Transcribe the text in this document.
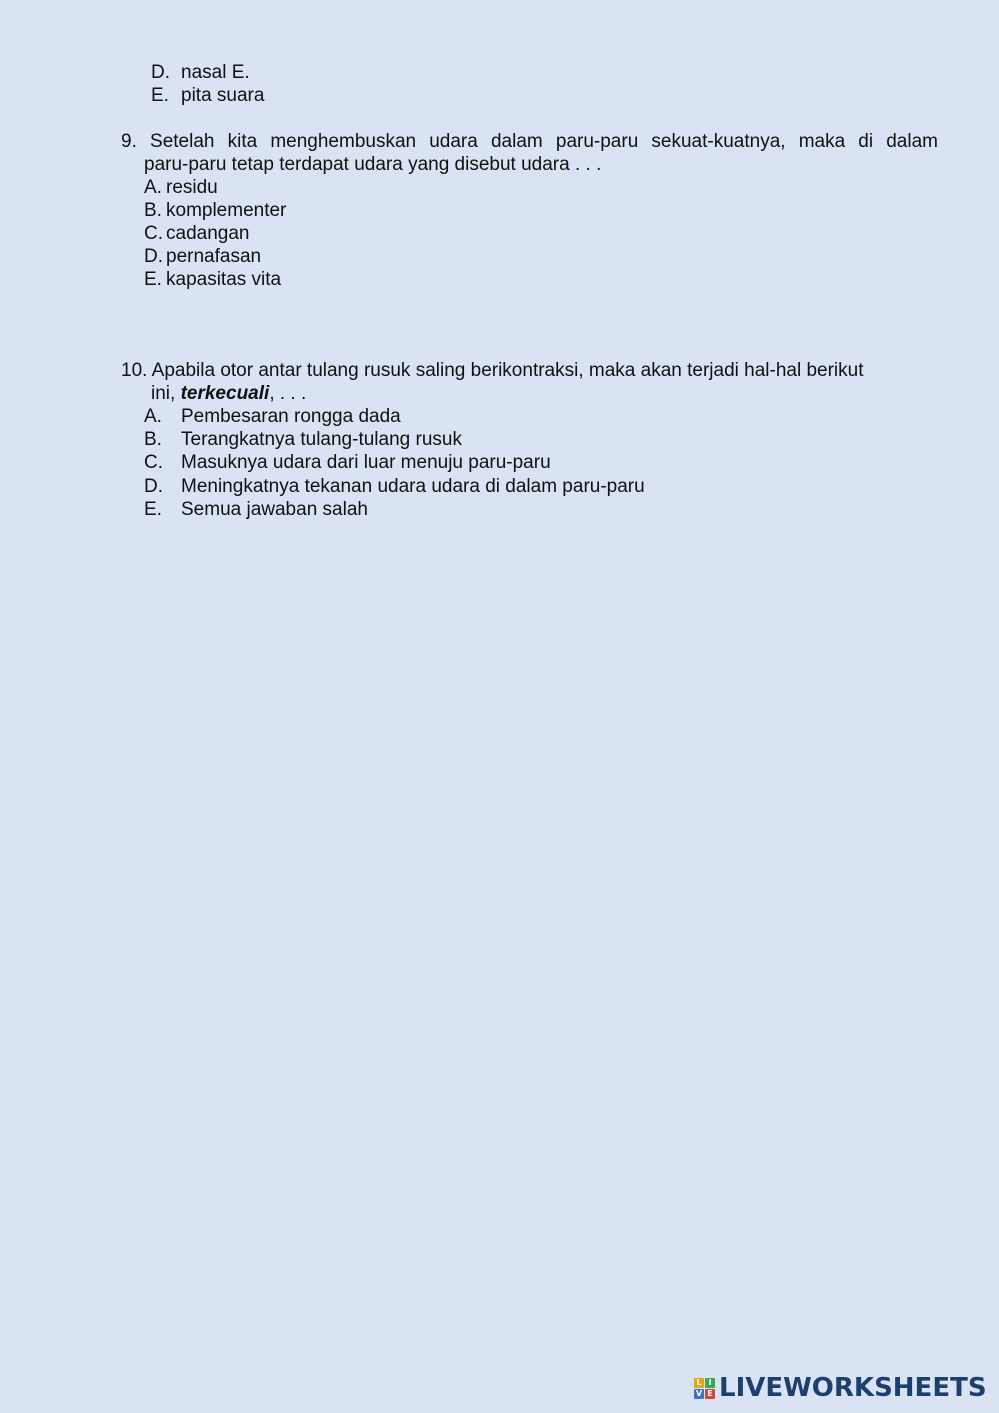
D. nasal E.
E. pita suara
9. Setelah kita menghembuskan udara dalam paru-paru sekuat-kuatnya, maka di dalam
paru-paru tetap terdapat udara yang disebut udara . . .
A. residu
B. komplementer
C. cadangan
D. pernafasan
E. kapasitas vita
10. Apabila otor antar tulang rusuk saling berikontraksi, maka akan terjadi hal-hal berikut
ini, terkecuali, . . .
A. Pembesaran rongga dada
B. Terangkatnya tulang-tulang rusuk
C. Masuknya udara dari luar menuju paru-paru
D. Meningkatnya tekanan udara udara di dalam paru-paru
E. Semua jawaban salah
L I
V E LIVEWORKSHEETS
